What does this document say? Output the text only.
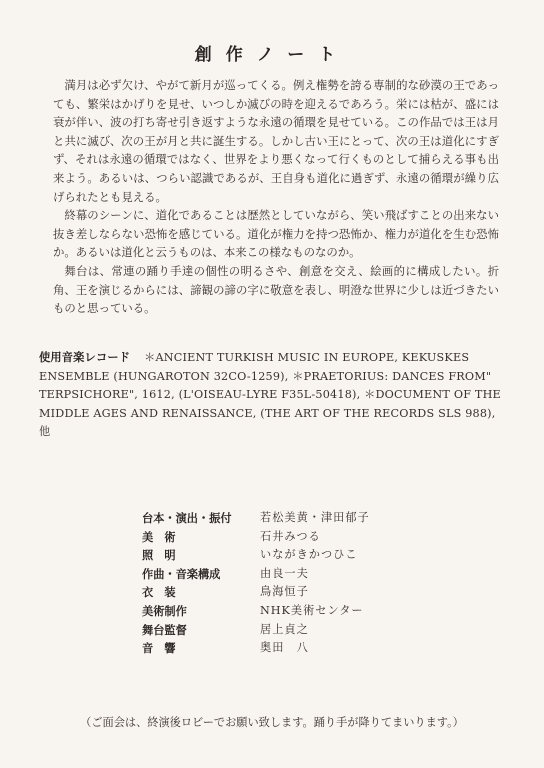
創作ノート

満月は必ず欠け、やがて新月が巡ってくる。例え権勢を誇る専制的な砂漠の王であっても、繁栄はかげりを見せ、いつしか滅びの時を迎えるであろう。栄には枯が、盛には衰が伴い、波の打ち寄せ引き返すような永遠の循環を見せている。この作品では王は月と共に滅び、次の王が月と共に誕生する。しかし古い王にとって、次の王は道化にすぎず、それは永遠の循環ではなく、世界をより悪くなって行くものとして捕らえる事も出来よう。あるいは、つらい認識であるが、王自身も道化に過ぎず、永遠の循環が繰り広げられたとも見える。

終幕のシーンに、道化であることは歴然としていながら、笑い飛ばすことの出来ない抜き差しならない恐怖を感じている。道化が権力を持つ恐怖か、権力が道化を生む恐怖か。あるいは道化と云うものは、本来この様なものなのか。

舞台は、常連の踊り手達の個性の明るさや、創意を交え、絵画的に構成したい。折角、王を演じるからには、諦観の諦の字に敬意を表し、明澄な世界に少しは近づきたいものと思っている。

使用音楽レコード ＊ANCIENT TURKISH MUSIC IN EUROPE, KEKUSKES ENSEMBLE (HUNGAROTON 32CO-1259), ＊PRAETORIUS: DANCES FROM" TERPSICHORE", 1612, (L'OISEAU-LYRE F35L-50418), ＊DOCUMENT OF THE MIDDLE AGES AND RENAISSANCE, (THE ART OF THE RECORDS SLS 988), 他
台本・演出・振付	若松美黄・津田郁子
美　術	石井みつる
照　明	いながきかつひこ
作曲・音楽構成	由良一夫
衣　装	鳥海恒子
美術制作	NHK美術センター
舞台監督	居上貞之
音　響	奥田　八
（ご面会は、終演後ロビーでお願い致します。踊り手が降りてまいります。）
